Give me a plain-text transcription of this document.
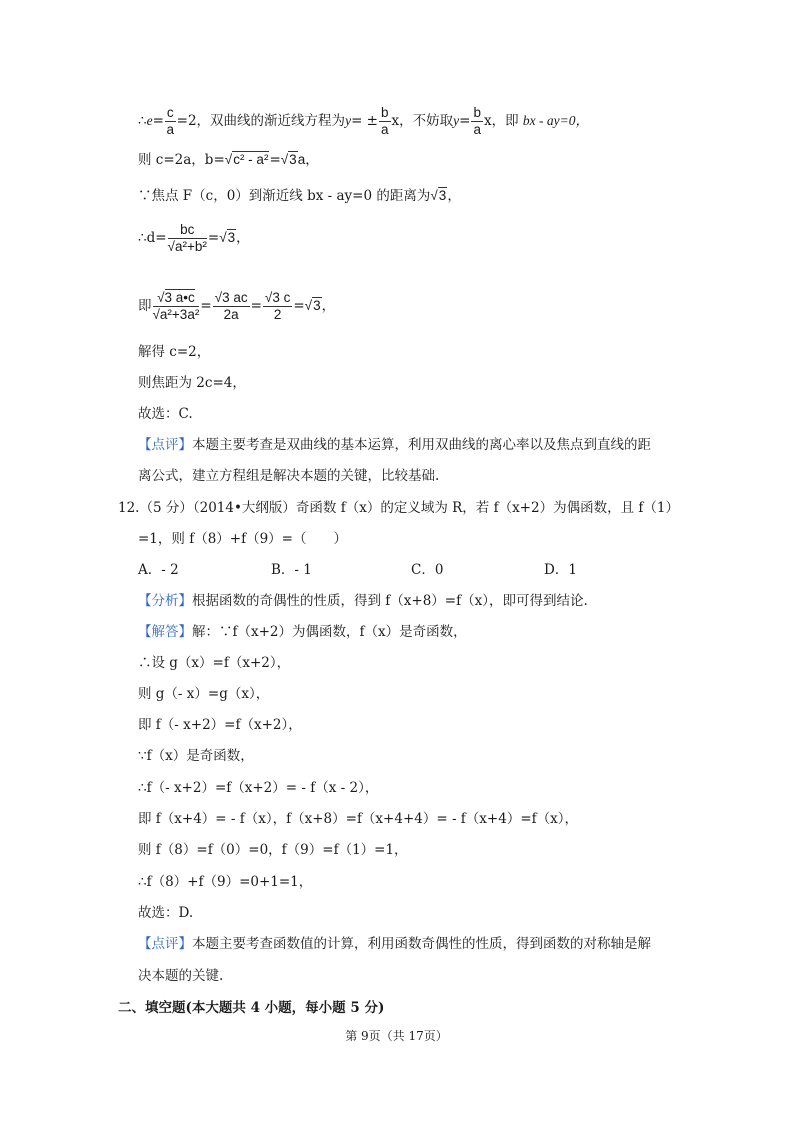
∴e= $\frac{c}{a} =2$，双曲线的渐近线方程为$y= \pm \frac{b}{a}$ x，不妨取$y= \frac{b}{a}$ x，即 bx - ay=0，
则 c=2a，b=√c² - a²=√3a，
∵焦点 F（c，0）到渐近线 bx - ay=0 的距离为√3，
∴d= $\frac{bc}{\text{√a²+b²}} =√3$，
即 $\frac{√3 a•c}{\text{√a²+3a²}} = \frac{√3 ac}{2a} = \frac{√3 c}{2} =√3$，
解得 c=2，
则焦距为 2c=4，
故选：C.
【点评】本题主要考查是双曲线的基本运算，利用双曲线的离心率以及焦点到直线的距
离公式，建立方程组是解决本题的关键，比较基础.
12.（5 分）（2014•大纲版）奇函数 f（x）的定义域为 R，若 f（x+2）为偶函数，且 f（1）
=1，则 f（8）+f（9）=（　　）
A．- 2	B．- 1	C．0	D．1
【分析】根据函数的奇偶性的性质，得到 f（x+8）=f（x），即可得到结论.
【解答】解：∵f（x+2）为偶函数，f（x）是奇函数，
∴设 g（x）=f（x+2），
则 g（- x）=g（x），
即 f（- x+2）=f（x+2），
∵f（x）是奇函数，
∴f（- x+2）=f（x+2）= - f（x - 2），
即 f（x+4）= - f（x），f（x+8）=f（x+4+4）= - f（x+4）=f（x），
则 f（8）=f（0）=0，f（9）=f（1）=1，
∴f（8）+f（9）=0+1=1，
故选：D.
【点评】本题主要考查函数值的计算，利用函数奇偶性的性质，得到函数的对称轴是解
决本题的关键.
二、填空题(本大题共 4 小题，每小题 5 分)
第 9页（共 17页）
